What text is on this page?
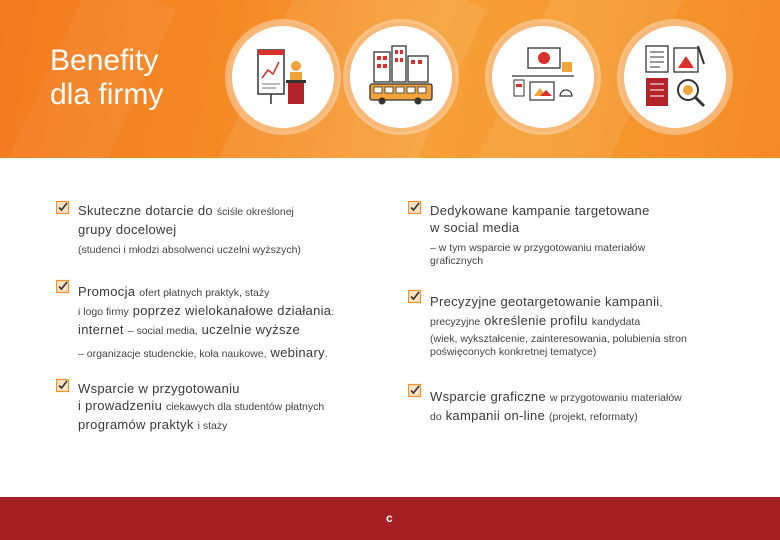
Benefity
dla firmy
Skuteczne dotarcie do ściśle określonej
grupy docelowej
(studenci i młodzi absolwenci uczelni wyższych)
Promocja ofert płatnych praktyk, staży
i logo firmy poprzez wielokanałowe działania:
internet – social media, uczelnie wyższe

– organizacje studenckie, koła naukowe, webinary.
Wsparcie w przygotowaniu
i prowadzeniu ciekawych dla studentów płatnych
programów praktyk i staży
Dedykowane kampanie targetowane
w social media
– w tym wsparcie w przygotowaniu materiałów
graficznych
Precyzyjne geotargetowanie kampanii,
precyzyjne określenie profilu kandydata
(wiek, wykształcenie, zainteresowania, polubienia stron
poświęconych konkretnej tematyce)
Wsparcie graficzne w przygotowaniu materiałów
do kampanii on-line (projekt, reformaty)
c
